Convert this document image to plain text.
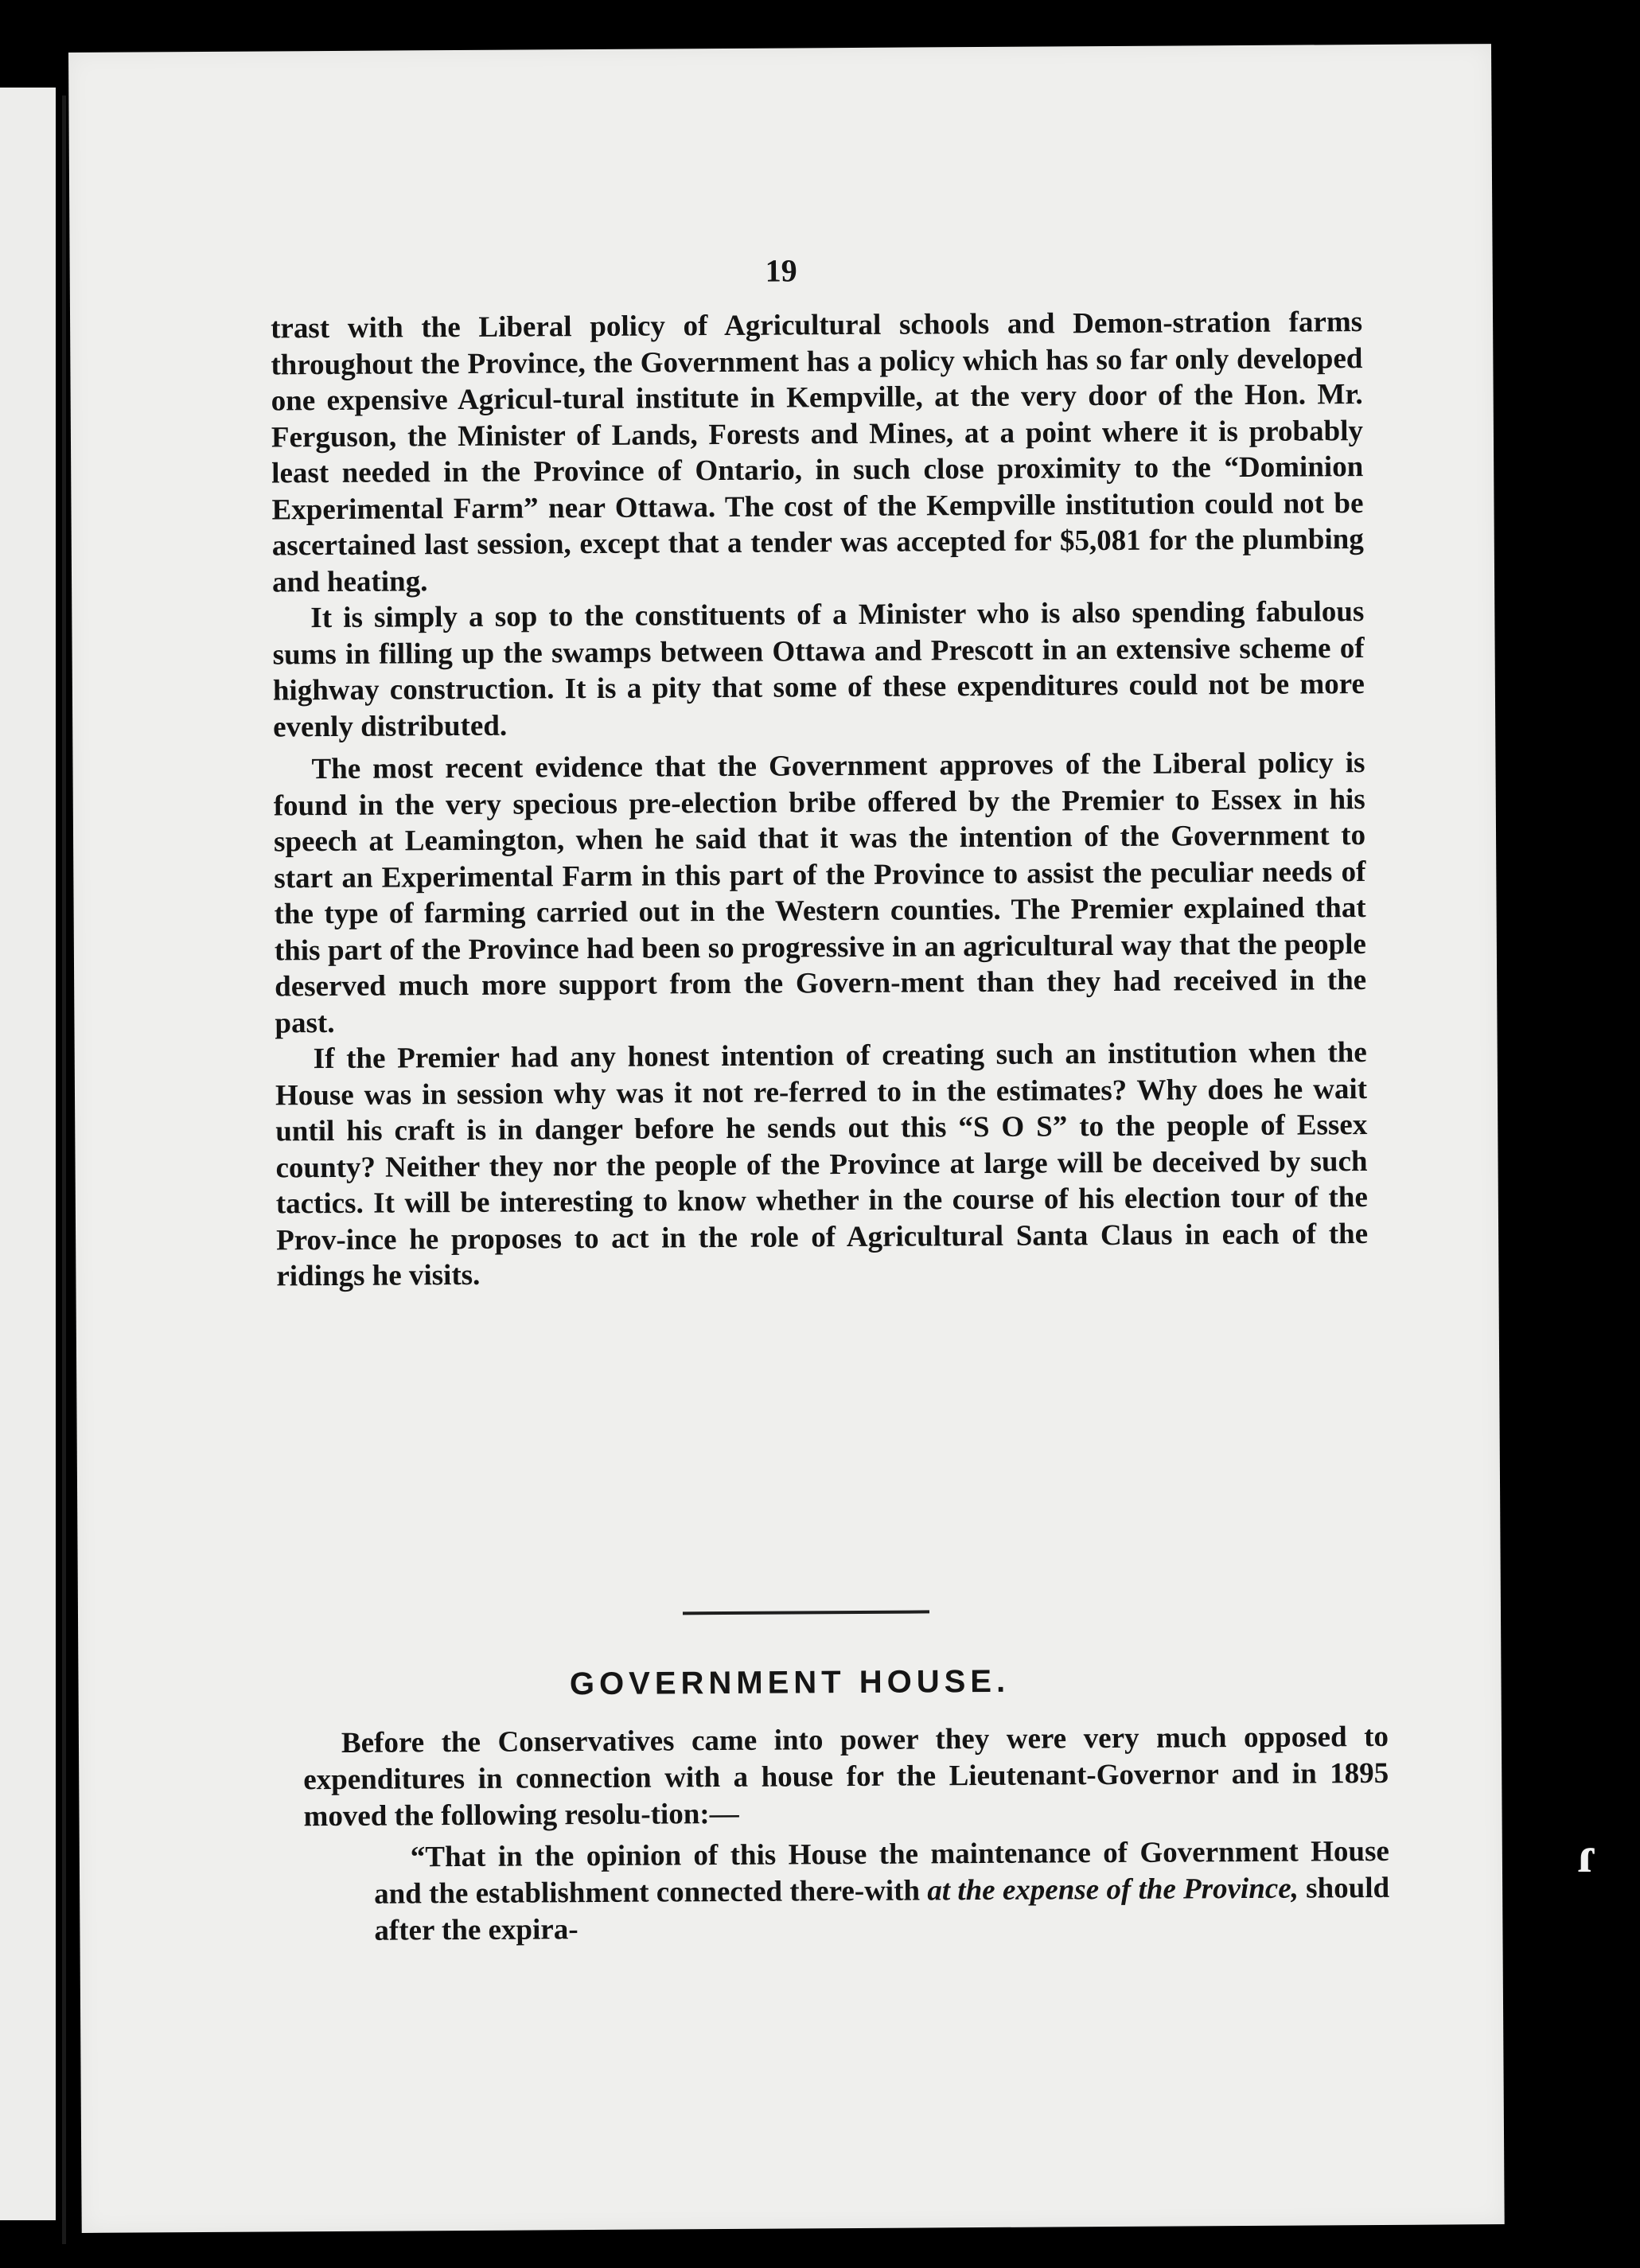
19

trast with the Liberal policy of Agricultural schools and Demon-stration farms throughout the Province, the Government has a policy which has so far only developed one expensive Agricul-tural institute in Kempville, at the very door of the Hon. Mr. Ferguson, the Minister of Lands, Forests and Mines, at a point where it is probably least needed in the Province of Ontario, in such close proximity to the “Dominion Experimental Farm” near Ottawa. The cost of the Kempville institution could not be ascertained last session, except that a tender was accepted for $5,081 for the plumbing and heating.

It is simply a sop to the constituents of a Minister who is also spending fabulous sums in filling up the swamps between Ottawa and Prescott in an extensive scheme of highway construction. It is a pity that some of these expenditures could not be more evenly distributed.

The most recent evidence that the Government approves of the Liberal policy is found in the very specious pre-election bribe offered by the Premier to Essex in his speech at Leamington, when he said that it was the intention of the Government to start an Experimental Farm in this part of the Province to assist the peculiar needs of the type of farming carried out in the Western counties. The Premier explained that this part of the Province had been so progressive in an agricultural way that the people deserved much more support from the Govern-ment than they had received in the past.

If the Premier had any honest intention of creating such an institution when the House was in session why was it not re-ferred to in the estimates? Why does he wait until his craft is in danger before he sends out this “S O S” to the people of Essex county? Neither they nor the people of the Province at large will be deceived by such tactics. It will be interesting to know whether in the course of his election tour of the Prov-ince he proposes to act in the role of Agricultural Santa Claus in each of the ridings he visits.

GOVERNMENT HOUSE.

Before the Conservatives came into power they were very much opposed to expenditures in connection with a house for the Lieutenant-Governor and in 1895 moved the following resolu-tion:—

“That in the opinion of this House the maintenance of Government House and the establishment connected there-with at the expense of the Province, should after the expira-

ɾ
